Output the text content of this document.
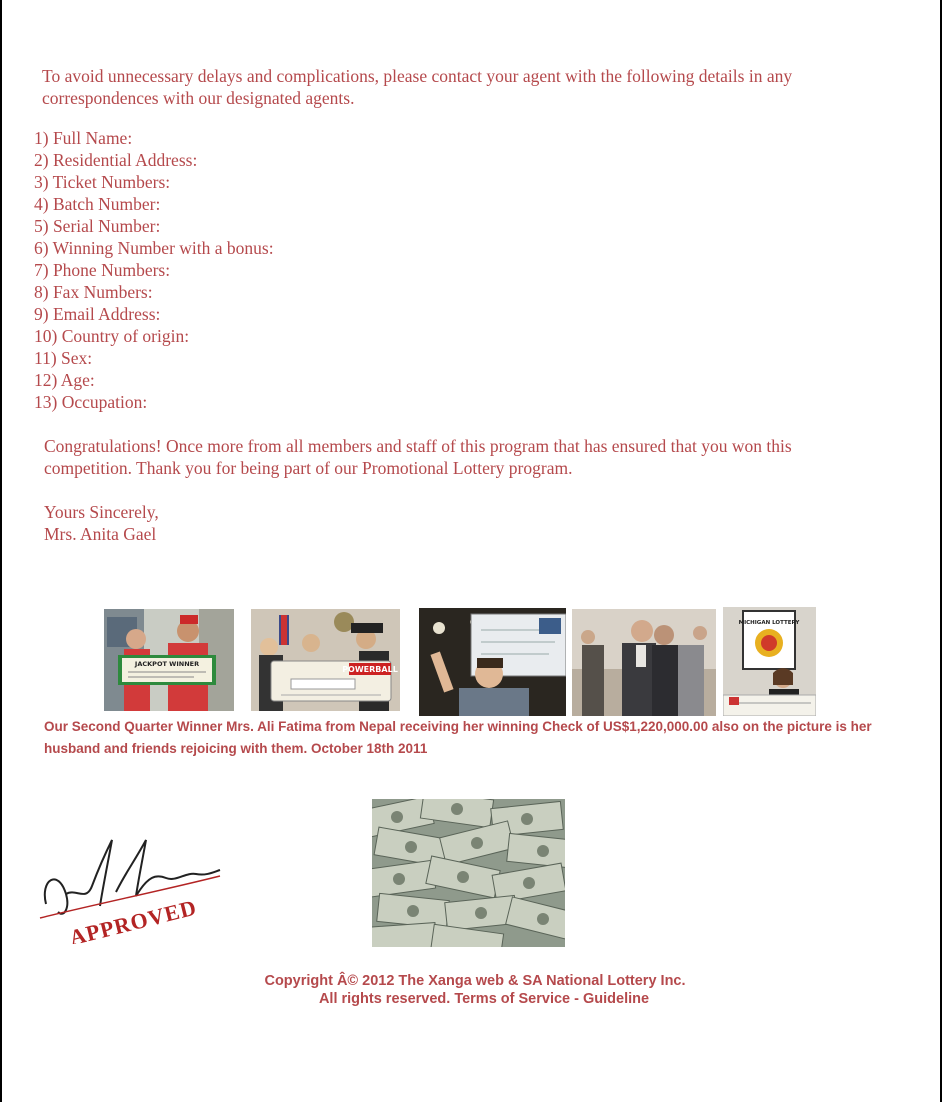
To avoid unnecessary delays and complications, please contact your agent with the following details in any correspondences with our designated agents.
1) Full Name:
2) Residential Address:
3) Ticket Numbers:
4) Batch Number:
5) Serial Number:
6) Winning Number with a bonus:
7) Phone Numbers:
8) Fax Numbers:
9) Email Address:
10) Country of origin:
11) Sex:
12) Age:
13) Occupation:
Congratulations! Once more from all members and staff of this program that has ensured that you won this competition. Thank you for being part of our Promotional Lottery program.
Yours Sincerely,
Mrs. Anita Gael
JACKPOT WINNER
POWERBALL
MICHIGAN LOTTERY
Our Second Quarter Winner Mrs. Ali Fatima from Nepal receiving her winning Check of US$1,220,000.00 also on the picture is her husband and friends rejoicing with them. October 18th 2011
APPROVED
Copyright Â© 2012 The Xanga web & SA National Lottery Inc.

All rights reserved. Terms of Service - Guideline
